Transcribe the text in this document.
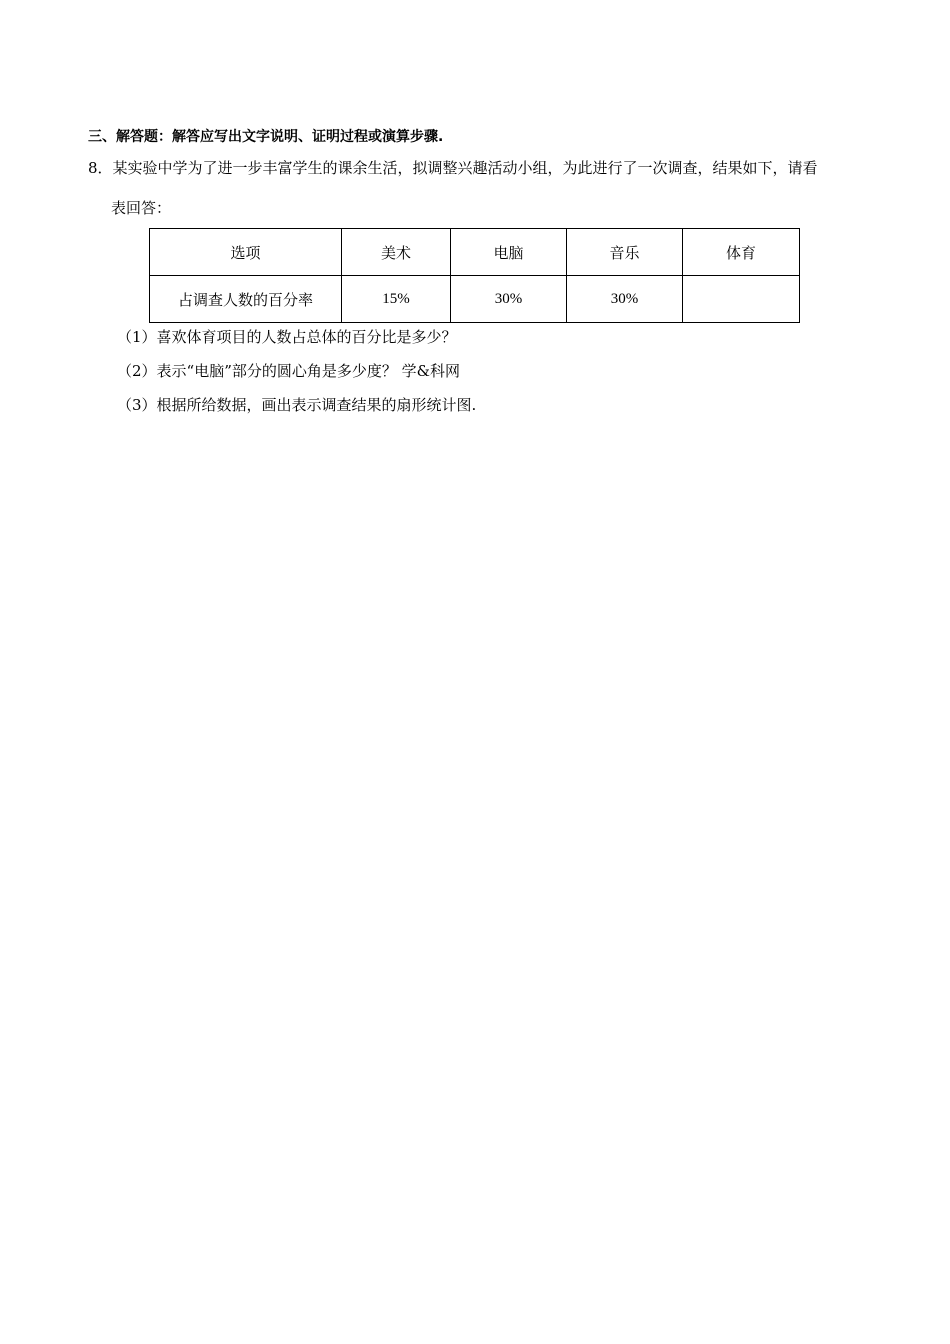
三、解答题：解答应写出文字说明、证明过程或演算步骤.
8．某实验中学为了进一步丰富学生的课余生活，拟调整兴趣活动小组，为此进行了一次调查，结果如下，请看
表回答：
选项	美术	电脑	音乐	体育
占调查人数的百分率	15%	30%	30%	
（1）喜欢体育项目的人数占总体的百分比是多少？
（2）表示“电脑”部分的圆心角是多少度？ 学&科网
（3）根据所给数据，画出表示调查结果的扇形统计图.
